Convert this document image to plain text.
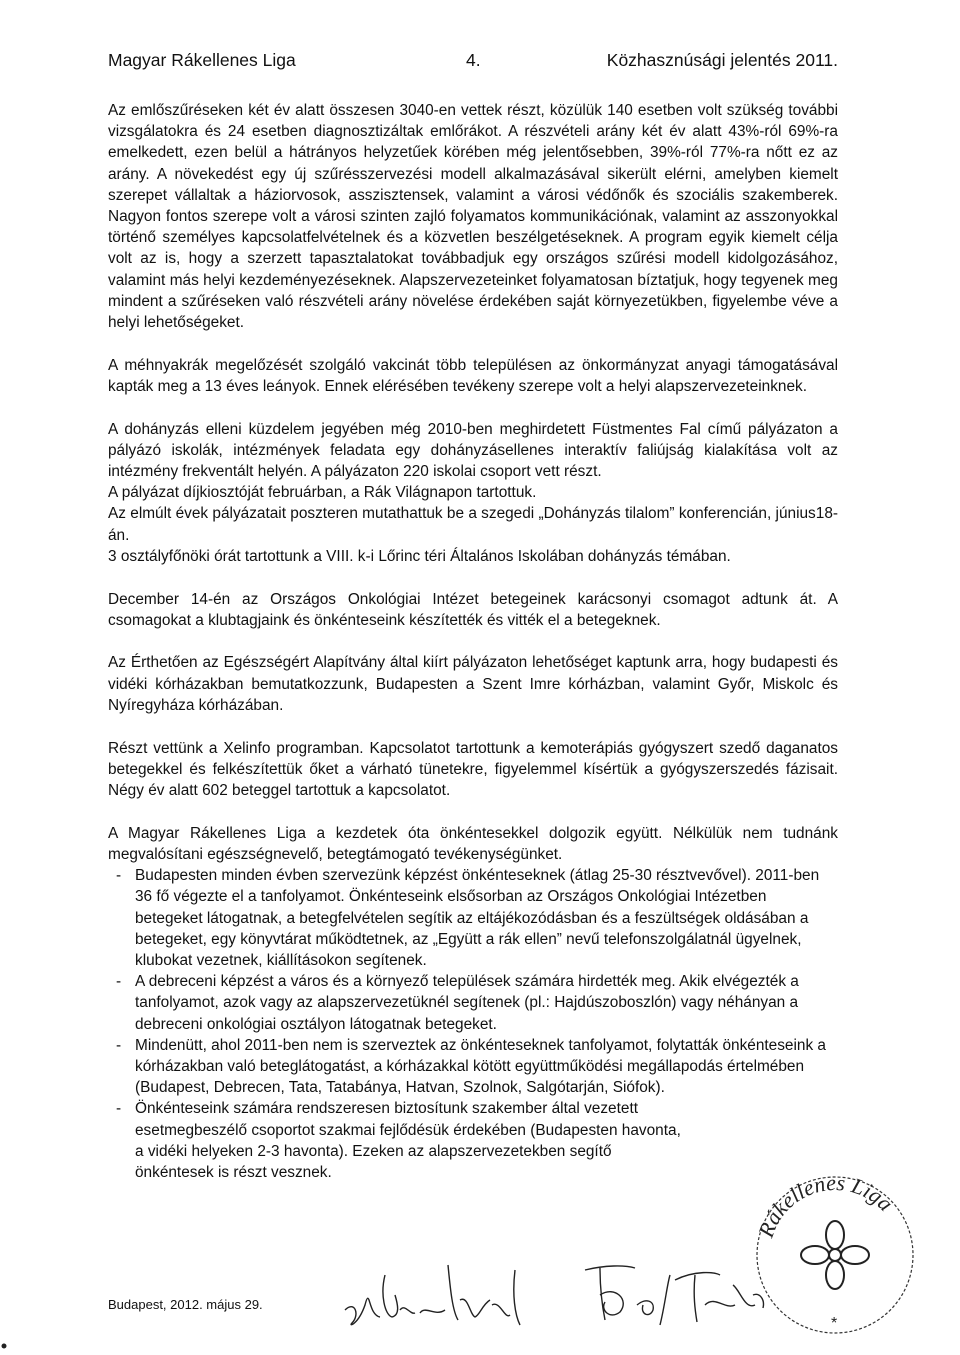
Magyar Rákellenes Liga	4.	Közhasznúsági jelentés 2011.

Az emlőszűréseken két év alatt összesen 3040-en vettek részt, közülük 140 esetben volt szükség további vizsgálatokra és 24 esetben diagnosztizáltak emlőrákot. A részvételi arány két év alatt 43%-ról 69%-ra emelkedett, ezen belül a hátrányos helyzetűek körében még jelentősebben, 39%-ról 77%-ra nőtt ez az arány. A növekedést egy új szűrésszervezési modell alkalmazásával sikerült elérni, amelyben kiemelt szerepet vállaltak a háziorvosok, asszisztensek, valamint a városi védőnők és szociális szakemberek. Nagyon fontos szerepe volt a városi szinten zajló folyamatos kommunikációnak, valamint az asszonyokkal történő személyes kapcsolatfelvételnek és a közvetlen beszélgetéseknek. A program egyik kiemelt célja volt az is, hogy a szerzett tapasztalatokat továbbadjuk egy országos szűrési modell kidolgozásához, valamint más helyi kezdeményezéseknek. Alapszervezeteinket folyamatosan bíztatjuk, hogy tegyenek meg mindent a szűréseken való részvételi arány növelése érdekében saját környezetükben, figyelembe véve a helyi lehetőségeket.

A méhnyakrák megelőzését szolgáló vakcinát több településen az önkormányzat anyagi támogatásával kapták meg a 13 éves leányok. Ennek elérésében tevékeny szerepe volt a helyi alapszervezeteinknek.

A dohányzás elleni küzdelem jegyében még 2010-ben meghirdetett Füstmentes Fal című pályázaton a pályázó iskolák, intézmények feladata egy dohányzásellenes interaktív faliújság kialakítása volt az intézmény frekventált helyén. A pályázaton 220 iskolai csoport vett részt.

A pályázat díjkiosztóját februárban, a Rák Világnapon tartottuk.

Az elmúlt évek pályázatait poszteren mutathattuk be a szegedi „Dohányzás tilalom” konferencián, június18-án.

3 osztályfőnöki órát tartottunk a VIII. k-i Lőrinc téri Általános Iskolában dohányzás témában.

December 14-én az Országos Onkológiai Intézet betegeinek karácsonyi csomagot adtunk át. A csomagokat a klubtagjaink és önkénteseink készítették és vitték el a betegeknek.

Az Érthetően az Egészségért Alapítvány által kiírt pályázaton lehetőséget kaptunk arra, hogy budapesti és vidéki kórházakban bemutatkozzunk, Budapesten a Szent Imre kórházban, valamint Győr, Miskolc és Nyíregyháza kórházában.

Részt vettünk a Xelinfo programban. Kapcsolatot tartottunk a kemoterápiás gyógyszert szedő daganatos betegekkel és felkészítettük őket a várható tünetekre, figyelemmel kísértük a gyógyszerszedés fázisait. Négy év alatt 602 beteggel tartottuk a kapcsolatot.

A Magyar Rákellenes Liga a kezdetek óta önkéntesekkel dolgozik együtt. Nélkülük nem tudnánk megvalósítani egészségnevelő, betegtámogató tevékenységünket.

- Budapesten minden évben szervezünk képzést önkénteseknek (átlag 25-30 résztvevővel). 2011-ben 36 fő végezte el a tanfolyamot. Önkénteseink elsősorban az Országos Onkológiai Intézetben betegeket látogatnak, a betegfelvételen segítik az eltájékozódásban és a feszültségek oldásában a betegeket, egy könyvtárat működtetnek, az „Együtt a rák ellen” nevű telefonszolgálatnál ügyelnek, klubokat vezetnek, kiállításokon segítenek.
- A debreceni képzést a város és a környező települések számára hirdették meg. Akik elvégezték a tanfolyamot, azok vagy az alapszervezetüknél segítenek (pl.: Hajdúszoboszlón) vagy néhányan a debreceni onkológiai osztályon látogatnak betegeket.
- Mindenütt, ahol 2011-ben nem is szerveztek az önkénteseknek tanfolyamot, folytatták önkénteseink a kórházakban való beteglátogatást, a kórházakkal kötött együttműködési megállapodás értelmében (Budapest, Debrecen, Tata, Tatabánya, Hatvan, Szolnok, Salgótarján, Siófok).
- Önkénteseink számára rendszeresen biztosítunk szakember által vezetett esetmegbeszélő csoportot szakmai fejlődésük érdekében (Budapesten havonta, a vidéki helyeken 2-3 havonta). Ezeken az alapszervezetekben segítő önkéntesek is részt vesznek.
Budapest, 2012. május 29.
Rákellenes Liga
*
